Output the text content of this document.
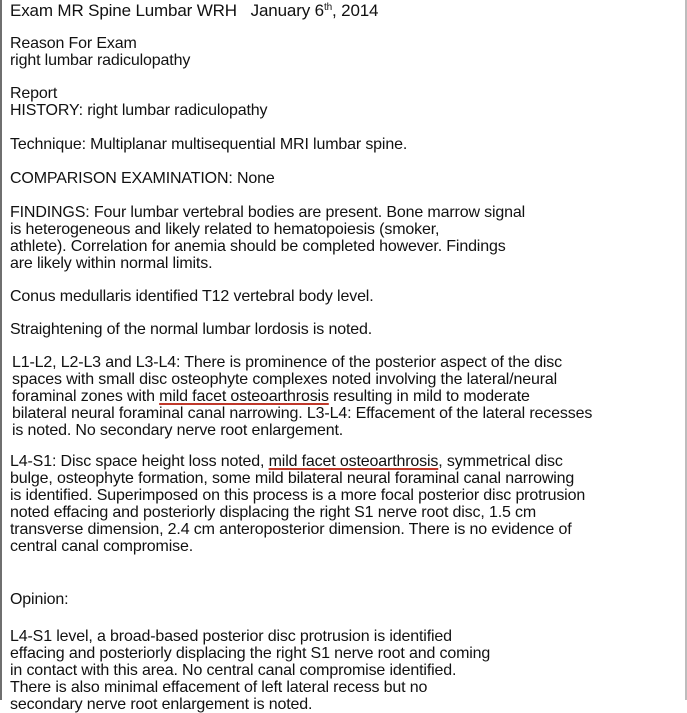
Exam MR Spine Lumbar WRH January 6th, 2014

Reason For Exam
right lumbar radiculopathy

Report
HISTORY: right lumbar radiculopathy

Technique: Multiplanar multisequential MRI lumbar spine.

COMPARISON EXAMINATION: None

FINDINGS: Four lumbar vertebral bodies are present. Bone marrow signal
is heterogeneous and likely related to hematopoiesis (smoker,
athlete). Correlation for anemia should be completed however. Findings
are likely within normal limits.

Conus medullaris identified T12 vertebral body level.

Straightening of the normal lumbar lordosis is noted.

L1-L2, L2-L3 and L3-L4: There is prominence of the posterior aspect of the disc
spaces with small disc osteophyte complexes noted involving the lateral/neural
foraminal zones with mild facet osteoarthrosis resulting in mild to moderate
bilateral neural foraminal canal narrowing. L3-L4: Effacement of the lateral recesses
is noted. No secondary nerve root enlargement.

L4-S1: Disc space height loss noted, mild facet osteoarthrosis, symmetrical disc
bulge, osteophyte formation, some mild bilateral neural foraminal canal narrowing
is identified. Superimposed on this process is a more focal posterior disc protrusion
noted effacing and posteriorly displacing the right S1 nerve root disc, 1.5 cm
transverse dimension, 2.4 cm anteroposterior dimension. There is no evidence of
central canal compromise.

Opinion:

L4-S1 level, a broad-based posterior disc protrusion is identified
effacing and posteriorly displacing the right S1 nerve root and coming
in contact with this area. No central canal compromise identified.
There is also minimal effacement of left lateral recess but no
secondary nerve root enlargement is noted.
